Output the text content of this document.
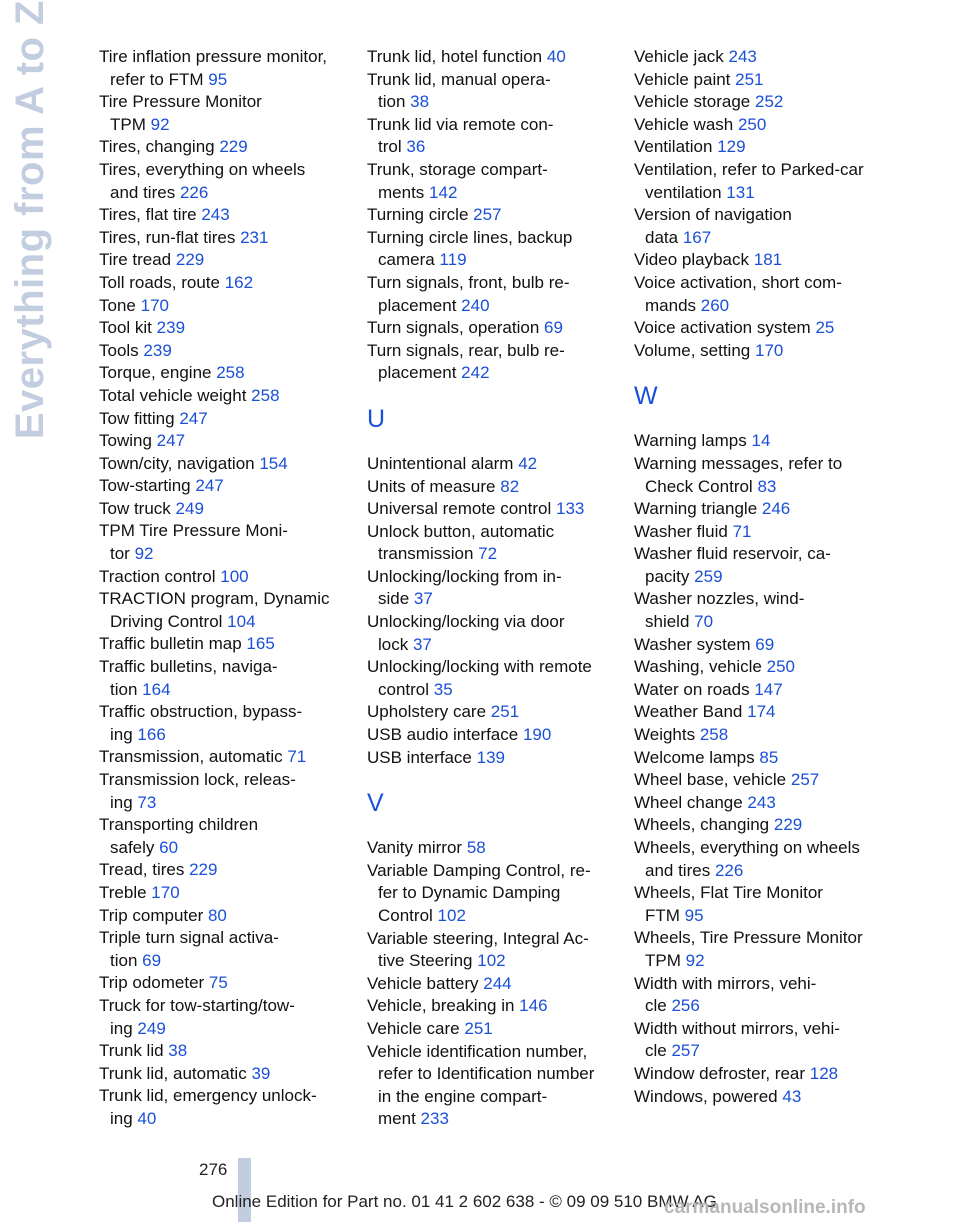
Everything from A to Z	Tire inflation pressure monitor,
refer to FTM 95
Tire Pressure Monitor
TPM 92
Tires, changing 229
Tires, everything on wheels
and tires 226
Tires, flat tire 243
Tires, run-flat tires 231
Tire tread 229
Toll roads, route 162
Tone 170
Tool kit 239
Tools 239
Torque, engine 258
Total vehicle weight 258
Tow fitting 247
Towing 247
Town/city, navigation 154
Tow-starting 247
Tow truck 249
TPM Tire Pressure Moni-
tor 92
Traction control 100
TRACTION program, Dynamic
Driving Control 104
Traffic bulletin map 165
Traffic bulletins, naviga-
tion 164
Traffic obstruction, bypass-
ing 166
Transmission, automatic 71
Transmission lock, releas-
ing 73
Transporting children
safely 60
Tread, tires 229
Treble 170
Trip computer 80
Triple turn signal activa-
tion 69
Trip odometer 75
Truck for tow-starting/tow-
ing 249
Trunk lid 38
Trunk lid, automatic 39
Trunk lid, emergency unlock-
ing 40
Trunk lid, hotel function 40
Trunk lid, manual opera-
tion 38
Trunk lid via remote con-
trol 36
Trunk, storage compart-
ments 142
Turning circle 257
Turning circle lines, backup
camera 119
Turn signals, front, bulb re-
placement 240
Turn signals, operation 69
Turn signals, rear, bulb re-
placement 242
U
Unintentional alarm 42
Units of measure 82
Universal remote control 133
Unlock button, automatic
transmission 72
Unlocking/locking from in-
side 37
Unlocking/locking via door
lock 37
Unlocking/locking with remote
control 35
Upholstery care 251
USB audio interface 190
USB interface 139
V
Vanity mirror 58
Variable Damping Control, re-
fer to Dynamic Damping
Control 102
Variable steering, Integral Ac-
tive Steering 102
Vehicle battery 244
Vehicle, breaking in 146
Vehicle care 251
Vehicle identification number,
refer to Identification number
in the engine compart-
ment 233
Vehicle jack 243
Vehicle paint 251
Vehicle storage 252
Vehicle wash 250
Ventilation 129
Ventilation, refer to Parked-car
ventilation 131
Version of navigation
data 167
Video playback 181
Voice activation, short com-
mands 260
Voice activation system 25
Volume, setting 170
W
Warning lamps 14
Warning messages, refer to
Check Control 83
Warning triangle 246
Washer fluid 71
Washer fluid reservoir, ca-
pacity 259
Washer nozzles, wind-
shield 70
Washer system 69
Washing, vehicle 250
Water on roads 147
Weather Band 174
Weights 258
Welcome lamps 85
Wheel base, vehicle 257
Wheel change 243
Wheels, changing 229
Wheels, everything on wheels
and tires 226
Wheels, Flat Tire Monitor
FTM 95
Wheels, Tire Pressure Monitor
TPM 92
Width with mirrors, vehi-
cle 256
Width without mirrors, vehi-
cle 257
Window defroster, rear 128
Windows, powered 43
276
Online Edition for Part no. 01 41 2 602 638 - © 09 09 510 BMW AG
carmanualsonline.info
